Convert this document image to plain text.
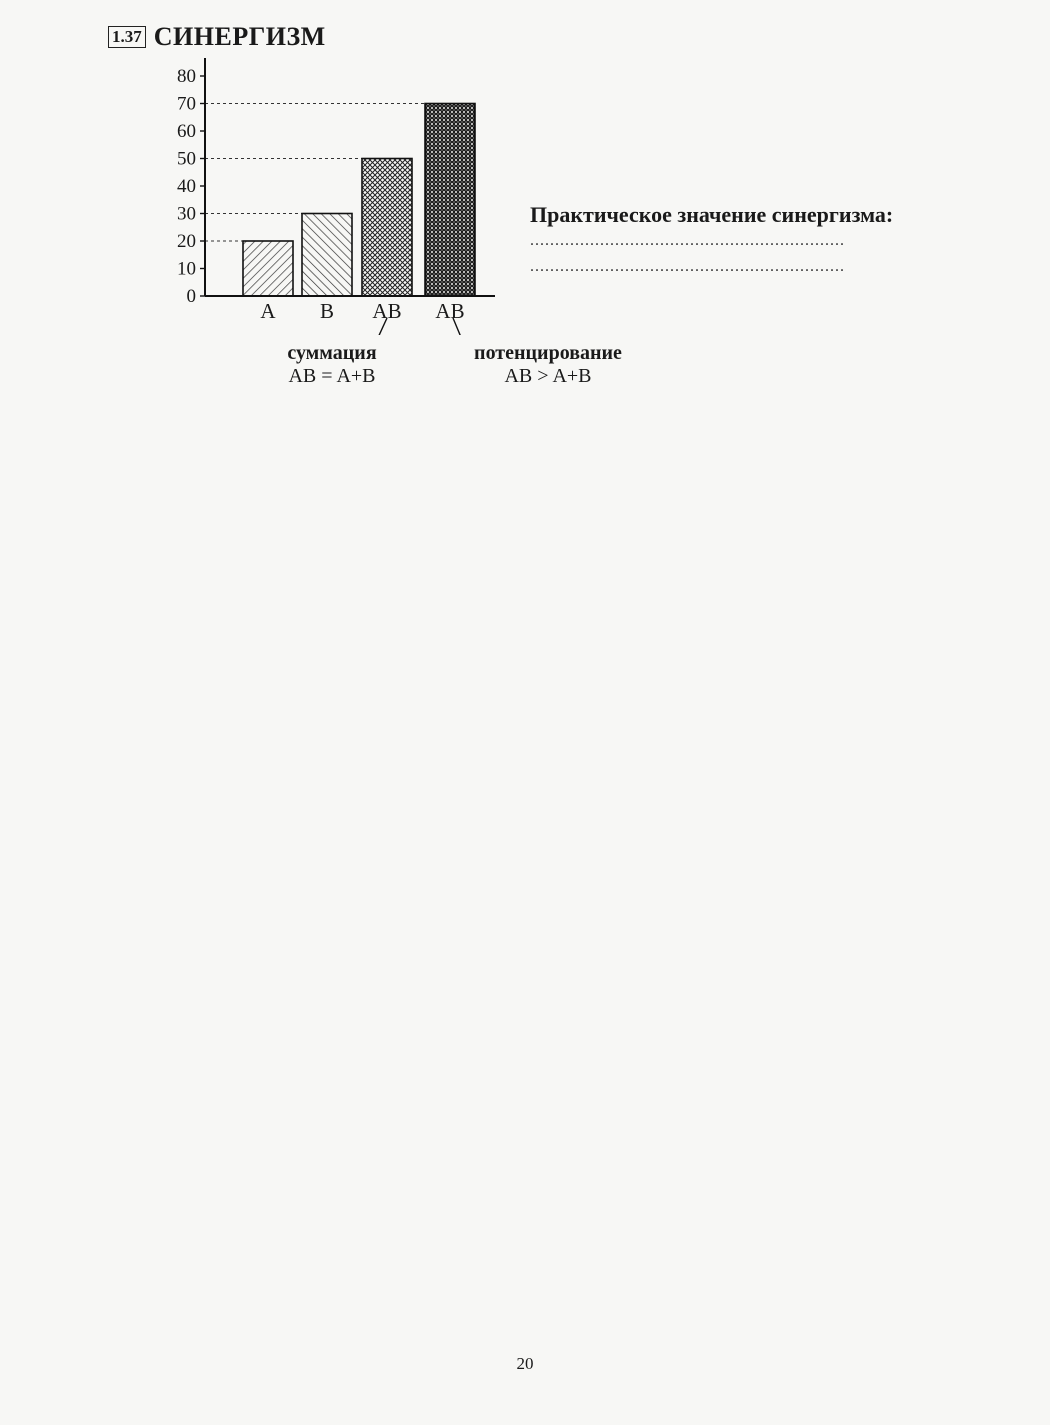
1.37 СИНЕРГИЗМ
0
10
20
30
40
50
60
70
80
A B AB AB
суммация
AB = A+B
потенцирование
AB > A+B
Практическое значение синергизма:
...............................................................
...............................................................
20
